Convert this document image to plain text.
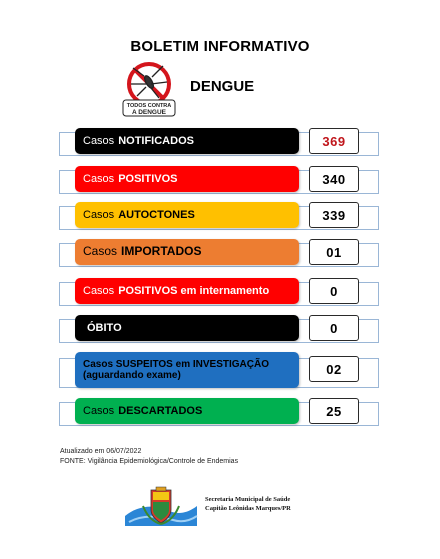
BOLETIM INFORMATIVO
TODOS CONTRA
A DENGUE
DENGUE
Casos NOTIFICADOS	369
Casos POSITIVOS	340
Casos AUTOCTONES	339
Casos IMPORTADOS	01
Casos POSITIVOS em internamento	0
ÓBITO	0
Casos SUSPEITOS em INVESTIGAÇÃO
(aguardando exame)	02
Casos DESCARTADOS	25
Atualizado em 06/07/2022
FONTE: Vigilância Epidemiológica/Controle de Endemias
Secretaria Municipal de Saúde
Capitão Leônidas Marques/PR
